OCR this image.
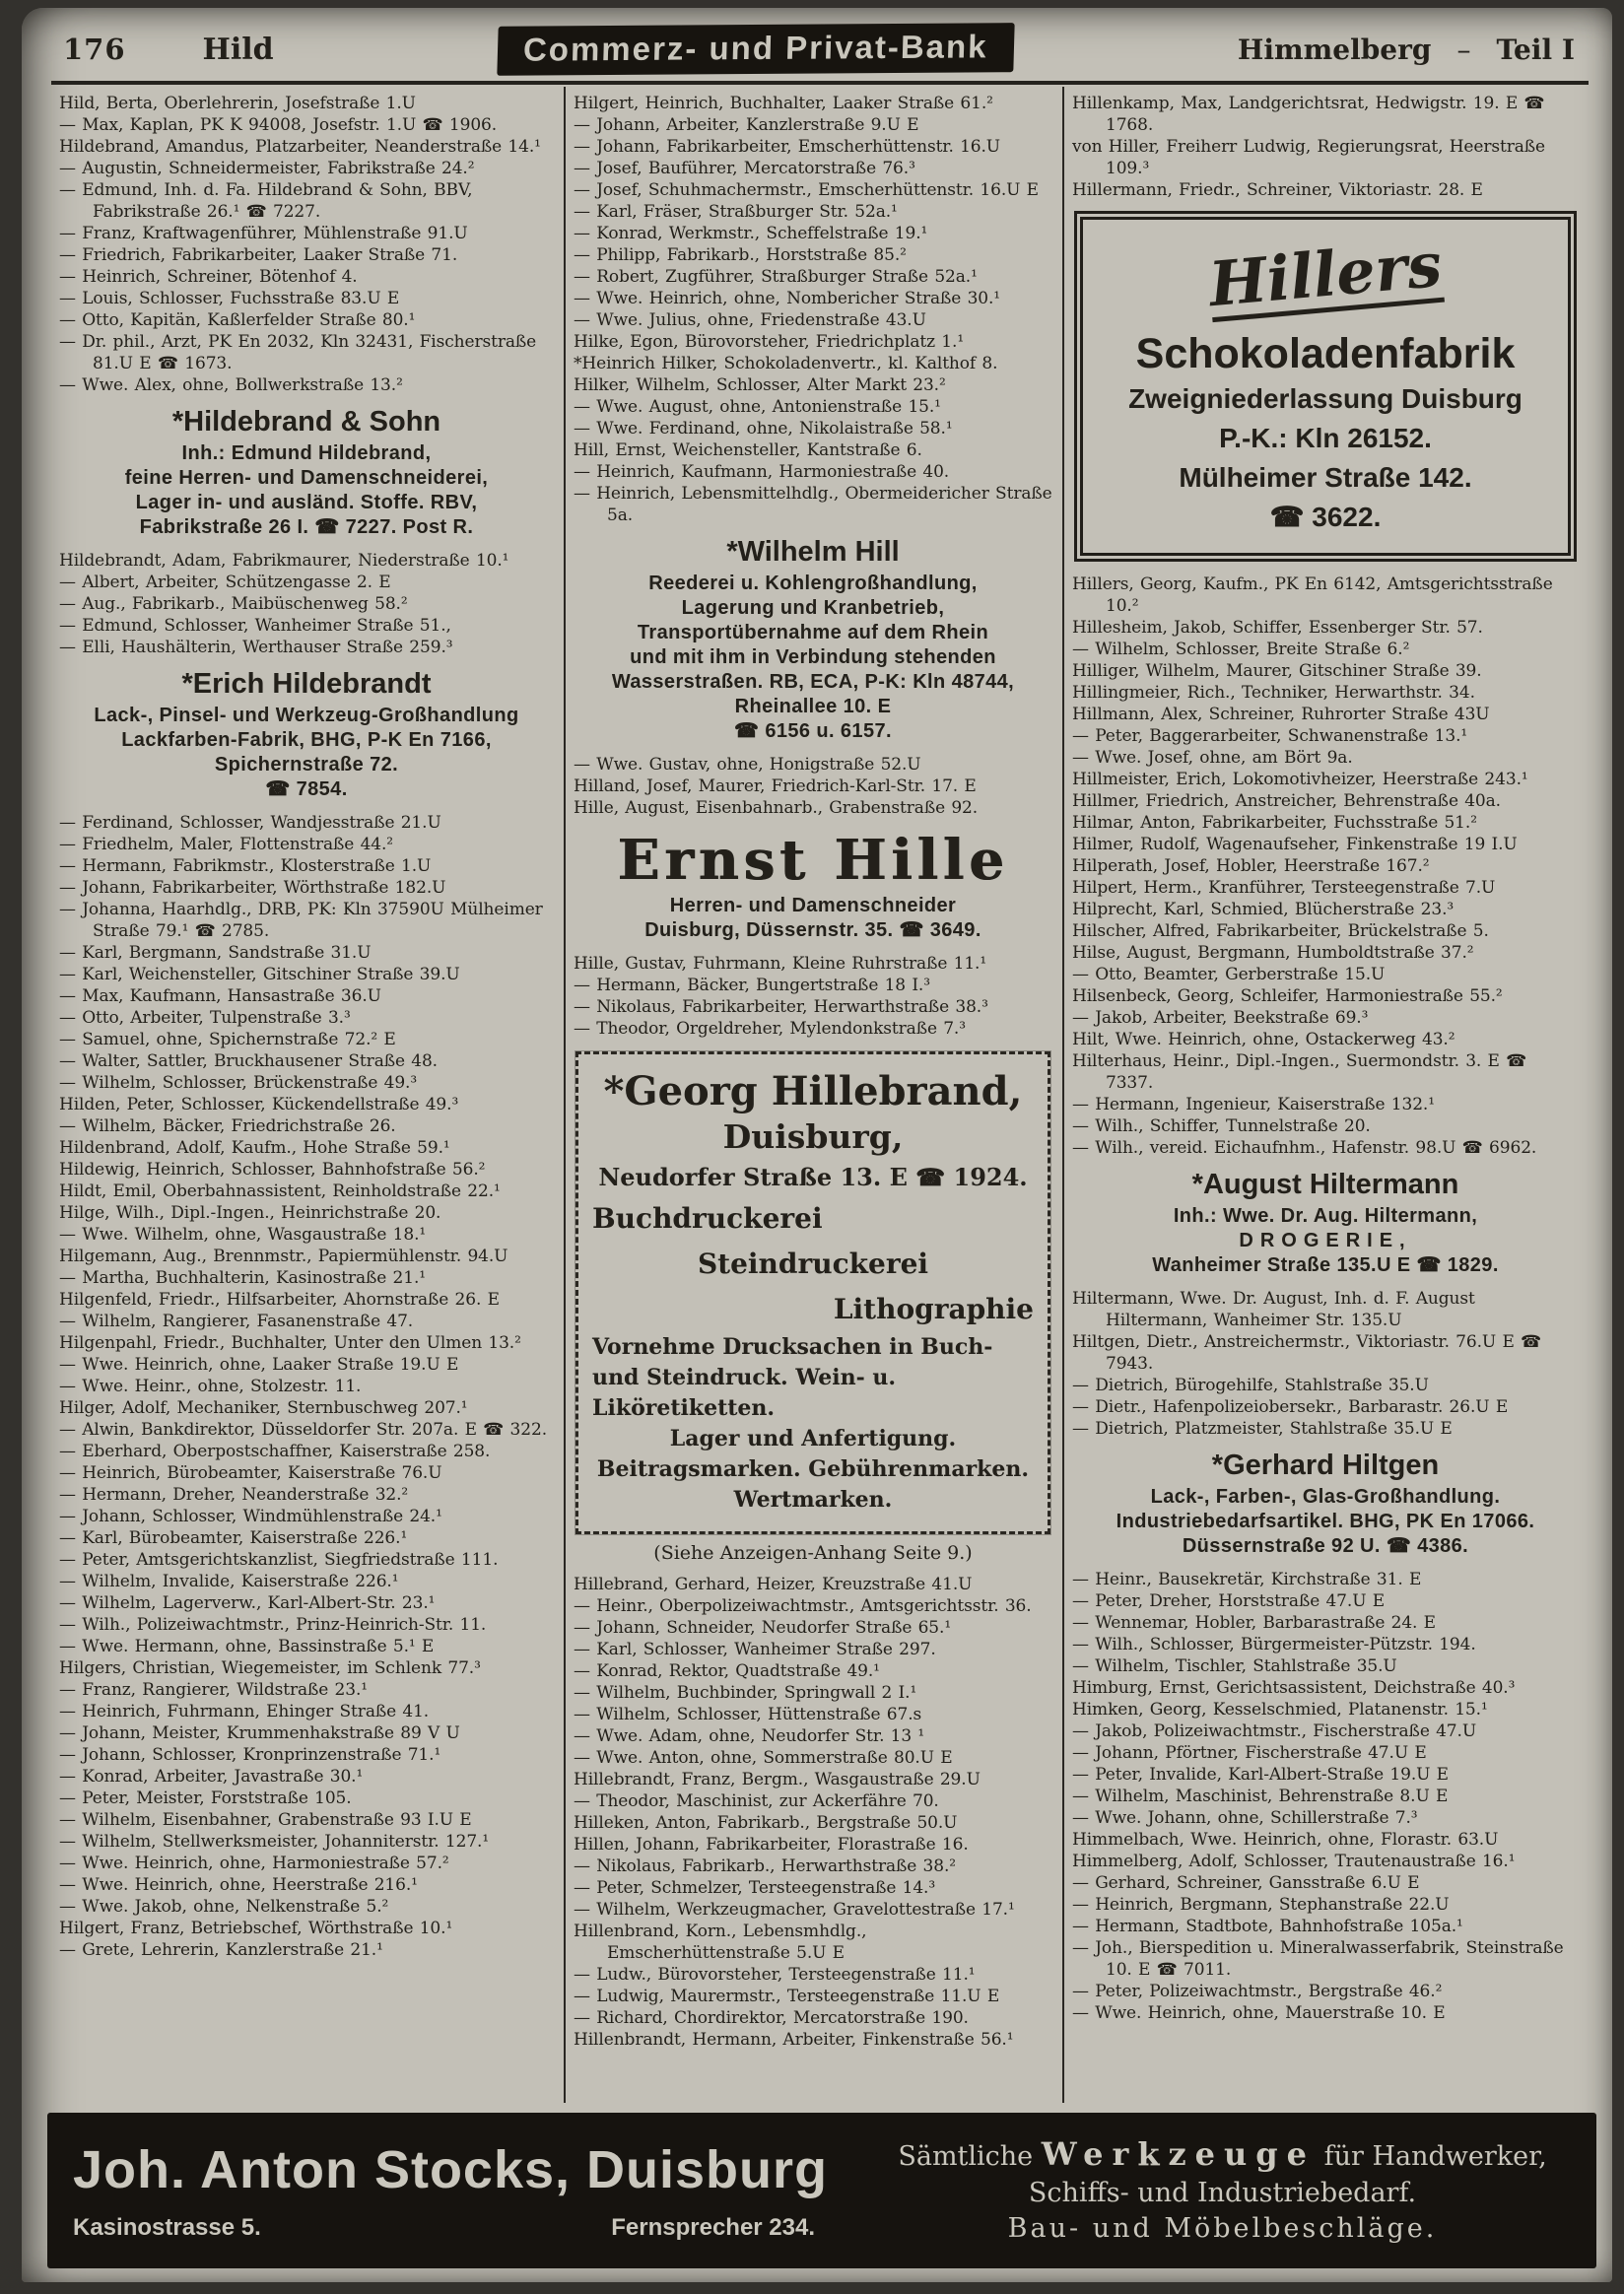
176	Hild	Commerz- und Privat-Bank	Himmelberg – Teil I
Hild, Berta, Oberlehrerin, Josefstraße 1.U
— Max, Kaplan, PK K 94008, Josefstr. 1.U ☎ 1906.
Hildebrand, Amandus, Platzarbeiter, Neanderstraße 14.¹
— Augustin, Schneidermeister, Fabrikstraße 24.²
— Edmund, Inh. d. Fa. Hildebrand & Sohn, BBV, Fabrikstraße 26.¹ ☎ 7227.
— Franz, Kraftwagenführer, Mühlenstraße 91.U
— Friedrich, Fabrikarbeiter, Laaker Straße 71.
— Heinrich, Schreiner, Bötenhof 4.
— Louis, Schlosser, Fuchsstraße 83.U E
— Otto, Kapitän, Kaßlerfelder Straße 80.¹
— Dr. phil., Arzt, PK En 2032, Kln 32431, Fischerstraße 81.U E ☎ 1673.
— Wwe. Alex, ohne, Bollwerkstraße 13.²
*Hildebrand & Sohn
Inh.: Edmund Hildebrand,
feine Herren- und Damenschneiderei,
Lager in- und ausländ. Stoffe. RBV,
Fabrikstraße 26 I. ☎ 7227. Post R.
Hildebrandt, Adam, Fabrikmaurer, Niederstraße 10.¹
— Albert, Arbeiter, Schützengasse 2. E
— Aug., Fabrikarb., Maibüschenweg 58.²
— Edmund, Schlosser, Wanheimer Straße 51.,
— Elli, Haushälterin, Werthauser Straße 259.³
*Erich Hildebrandt
Lack-, Pinsel- und Werkzeug-Großhandlung
Lackfarben-Fabrik, BHG, P-K En 7166,
Spichernstraße 72.
☎ 7854.
— Ferdinand, Schlosser, Wandjesstraße 21.U
— Friedhelm, Maler, Flottenstraße 44.²
— Hermann, Fabrikmstr., Klosterstraße 1.U
— Johann, Fabrikarbeiter, Wörthstraße 182.U
— Johanna, Haarhdlg., DRB, PK: Kln 37590U Mülheimer Straße 79.¹ ☎ 2785.
— Karl, Bergmann, Sandstraße 31.U
— Karl, Weichensteller, Gitschiner Straße 39.U
— Max, Kaufmann, Hansastraße 36.U
— Otto, Arbeiter, Tulpenstraße 3.³
— Samuel, ohne, Spichernstraße 72.² E
— Walter, Sattler, Bruckhausener Straße 48.
— Wilhelm, Schlosser, Brückenstraße 49.³
Hilden, Peter, Schlosser, Kückendellstraße 49.³
— Wilhelm, Bäcker, Friedrichstraße 26.
Hildenbrand, Adolf, Kaufm., Hohe Straße 59.¹
Hildewig, Heinrich, Schlosser, Bahnhofstraße 56.²
Hildt, Emil, Oberbahnassistent, Reinholdstraße 22.¹
Hilge, Wilh., Dipl.-Ingen., Heinrichstraße 20.
— Wwe. Wilhelm, ohne, Wasgaustraße 18.¹
Hilgemann, Aug., Brennmstr., Papiermühlenstr. 94.U
— Martha, Buchhalterin, Kasinostraße 21.¹
Hilgenfeld, Friedr., Hilfsarbeiter, Ahornstraße 26. E
— Wilhelm, Rangierer, Fasanenstraße 47.
Hilgenpahl, Friedr., Buchhalter, Unter den Ulmen 13.²
— Wwe. Heinrich, ohne, Laaker Straße 19.U E
— Wwe. Heinr., ohne, Stolzestr. 11.
Hilger, Adolf, Mechaniker, Sternbuschweg 207.¹
— Alwin, Bankdirektor, Düsseldorfer Str. 207a. E ☎ 322.
— Eberhard, Oberpostschaffner, Kaiserstraße 258.
— Heinrich, Bürobeamter, Kaiserstraße 76.U
— Hermann, Dreher, Neanderstraße 32.²
— Johann, Schlosser, Windmühlenstraße 24.¹
— Karl, Bürobeamter, Kaiserstraße 226.¹
— Peter, Amtsgerichtskanzlist, Siegfriedstraße 111.
— Wilhelm, Invalide, Kaiserstraße 226.¹
— Wilhelm, Lagerverw., Karl-Albert-Str. 23.¹
— Wilh., Polizeiwachtmstr., Prinz-Heinrich-Str. 11.
— Wwe. Hermann, ohne, Bassinstraße 5.¹ E
Hilgers, Christian, Wiegemeister, im Schlenk 77.³
— Franz, Rangierer, Wildstraße 23.¹
— Heinrich, Fuhrmann, Ehinger Straße 41.
— Johann, Meister, Krummenhakstraße 89 V U
— Johann, Schlosser, Kronprinzenstraße 71.¹
— Konrad, Arbeiter, Javastraße 30.¹
— Peter, Meister, Forststraße 105.
— Wilhelm, Eisenbahner, Grabenstraße 93 I.U E
— Wilhelm, Stellwerksmeister, Johanniterstr. 127.¹
— Wwe. Heinrich, ohne, Harmoniestraße 57.²
— Wwe. Heinrich, ohne, Heerstraße 216.¹
— Wwe. Jakob, ohne, Nelkenstraße 5.²
Hilgert, Franz, Betriebschef, Wörthstraße 10.¹
— Grete, Lehrerin, Kanzlerstraße 21.¹
Hilgert, Heinrich, Buchhalter, Laaker Straße 61.²
— Johann, Arbeiter, Kanzlerstraße 9.U E
— Johann, Fabrikarbeiter, Emscherhüttenstr. 16.U
— Josef, Bauführer, Mercatorstraße 76.³
— Josef, Schuhmachermstr., Emscherhüttenstr. 16.U E
— Karl, Fräser, Straßburger Str. 52a.¹
— Konrad, Werkmstr., Scheffelstraße 19.¹
— Philipp, Fabrikarb., Horststraße 85.²
— Robert, Zugführer, Straßburger Straße 52a.¹
— Wwe. Heinrich, ohne, Nombericher Straße 30.¹
— Wwe. Julius, ohne, Friedenstraße 43.U
Hilke, Egon, Bürovorsteher, Friedrichplatz 1.¹
*Heinrich Hilker, Schokoladenvertr., kl. Kalthof 8.
Hilker, Wilhelm, Schlosser, Alter Markt 23.²
— Wwe. August, ohne, Antonienstraße 15.¹
— Wwe. Ferdinand, ohne, Nikolaistraße 58.¹
Hill, Ernst, Weichensteller, Kantstraße 6.
— Heinrich, Kaufmann, Harmoniestraße 40.
— Heinrich, Lebensmittelhdlg., Obermeidericher Straße 5a.
*Wilhelm Hill
Reederei u. Kohlengroßhandlung,
Lagerung und Kranbetrieb,
Transportübernahme auf dem Rhein
und mit ihm in Verbindung stehenden
Wasserstraßen. RB, ECA, P-K: Kln 48744,
Rheinallee 10. E
☎ 6156 u. 6157.
— Wwe. Gustav, ohne, Honigstraße 52.U
Hilland, Josef, Maurer, Friedrich-Karl-Str. 17. E
Hille, August, Eisenbahnarb., Grabenstraße 92.
Ernst Hille
Herren- und Damenschneider
Duisburg, Düssernstr. 35. ☎ 3649.
Hille, Gustav, Fuhrmann, Kleine Ruhrstraße 11.¹
— Hermann, Bäcker, Bungertstraße 18 I.³
— Nikolaus, Fabrikarbeiter, Herwarthstraße 38.³
— Theodor, Orgeldreher, Mylendonkstraße 7.³
*Georg Hillebrand,
Duisburg,
Neudorfer Straße 13. E ☎ 1924.
Buchdruckerei
Steindruckerei
Lithographie
Vornehme Drucksachen in Buch- und Steindruck. Wein- u. Liköretiketten.
Lager und Anfertigung.
Beitragsmarken. Gebührenmarken.
Wertmarken.
(Siehe Anzeigen-Anhang Seite 9.)
Hillebrand, Gerhard, Heizer, Kreuzstraße 41.U
— Heinr., Oberpolizeiwachtmstr., Amtsgerichtsstr. 36.
— Johann, Schneider, Neudorfer Straße 65.¹
— Karl, Schlosser, Wanheimer Straße 297.
— Konrad, Rektor, Quadtstraße 49.¹
— Wilhelm, Buchbinder, Springwall 2 I.¹
— Wilhelm, Schlosser, Hüttenstraße 67.s
— Wwe. Adam, ohne, Neudorfer Str. 13 ¹
— Wwe. Anton, ohne, Sommerstraße 80.U E
Hillebrandt, Franz, Bergm., Wasgaustraße 29.U
— Theodor, Maschinist, zur Ackerfähre 70.
Hilleken, Anton, Fabrikarb., Bergstraße 50.U
Hillen, Johann, Fabrikarbeiter, Florastraße 16.
— Nikolaus, Fabrikarb., Herwarthstraße 38.²
— Peter, Schmelzer, Tersteegenstraße 14.³
— Wilhelm, Werkzeugmacher, Gravelottestraße 17.¹
Hillenbrand, Korn., Lebensmhdlg., Emscherhüttenstraße 5.U E
— Ludw., Bürovorsteher, Tersteegenstraße 11.¹
— Ludwig, Maurermstr., Tersteegenstraße 11.U E
— Richard, Chordirektor, Mercatorstraße 190.
Hillenbrandt, Hermann, Arbeiter, Finkenstraße 56.¹
Hillenkamp, Max, Landgerichtsrat, Hedwigstr. 19. E ☎ 1768.
von Hiller, Freiherr Ludwig, Regierungsrat, Heerstraße 109.³
Hillermann, Friedr., Schreiner, Viktoriastr. 28. E
Hillers
Schokoladenfabrik
Zweigniederlassung Duisburg
P.-K.: Kln 26152.
Mülheimer Straße 142.
☎ 3622.
Hillers, Georg, Kaufm., PK En 6142, Amtsgerichtsstraße 10.²
Hillesheim, Jakob, Schiffer, Essenberger Str. 57.
— Wilhelm, Schlosser, Breite Straße 6.²
Hilliger, Wilhelm, Maurer, Gitschiner Straße 39.
Hillingmeier, Rich., Techniker, Herwarthstr. 34.
Hillmann, Alex, Schreiner, Ruhrorter Straße 43U
— Peter, Baggerarbeiter, Schwanenstraße 13.¹
— Wwe. Josef, ohne, am Bört 9a.
Hillmeister, Erich, Lokomotivheizer, Heerstraße 243.¹
Hillmer, Friedrich, Anstreicher, Behrenstraße 40a.
Hilmar, Anton, Fabrikarbeiter, Fuchsstraße 51.²
Hilmer, Rudolf, Wagenaufseher, Finkenstraße 19 I.U
Hilperath, Josef, Hobler, Heerstraße 167.²
Hilpert, Herm., Kranführer, Tersteegenstraße 7.U
Hilprecht, Karl, Schmied, Blücherstraße 23.³
Hilscher, Alfred, Fabrikarbeiter, Brückelstraße 5.
Hilse, August, Bergmann, Humboldtstraße 37.²
— Otto, Beamter, Gerberstraße 15.U
Hilsenbeck, Georg, Schleifer, Harmoniestraße 55.²
— Jakob, Arbeiter, Beekstraße 69.³
Hilt, Wwe. Heinrich, ohne, Ostackerweg 43.²
Hilterhaus, Heinr., Dipl.-Ingen., Suermondstr. 3. E ☎ 7337.
— Hermann, Ingenieur, Kaiserstraße 132.¹
— Wilh., Schiffer, Tunnelstraße 20.
— Wilh., vereid. Eichaufnhm., Hafenstr. 98.U ☎ 6962.
*August Hiltermann
Inh.: Wwe. Dr. Aug. Hiltermann,
DROGERIE,
Wanheimer Straße 135.U E ☎ 1829.
Hiltermann, Wwe. Dr. August, Inh. d. F. August Hiltermann, Wanheimer Str. 135.U
Hiltgen, Dietr., Anstreichermstr., Viktoriastr. 76.U E ☎ 7943.
— Dietrich, Bürogehilfe, Stahlstraße 35.U
— Dietr., Hafenpolizeiobersekr., Barbarastr. 26.U E
— Dietrich, Platzmeister, Stahlstraße 35.U E
*Gerhard Hiltgen
Lack-, Farben-, Glas-Großhandlung.
Industriebedarfsartikel. BHG, PK En 17066.
Düssernstraße 92 U. ☎ 4386.
— Heinr., Bausekretär, Kirchstraße 31. E
— Peter, Dreher, Horststraße 47.U E
— Wennemar, Hobler, Barbarastraße 24. E
— Wilh., Schlosser, Bürgermeister-Pützstr. 194.
— Wilhelm, Tischler, Stahlstraße 35.U
Himburg, Ernst, Gerichtsassistent, Deichstraße 40.³
Himken, Georg, Kesselschmied, Platanenstr. 15.¹
— Jakob, Polizeiwachtmstr., Fischerstraße 47.U
— Johann, Pförtner, Fischerstraße 47.U E
— Peter, Invalide, Karl-Albert-Straße 19.U E
— Wilhelm, Maschinist, Behrenstraße 8.U E
— Wwe. Johann, ohne, Schillerstraße 7.³
Himmelbach, Wwe. Heinrich, ohne, Florastr. 63.U
Himmelberg, Adolf, Schlosser, Trautenaustraße 16.¹
— Gerhard, Schreiner, Gansstraße 6.U E
— Heinrich, Bergmann, Stephanstraße 22.U
— Hermann, Stadtbote, Bahnhofstraße 105a.¹
— Joh., Bierspedition u. Mineralwasserfabrik, Steinstraße 10. E ☎ 7011.
— Peter, Polizeiwachtmstr., Bergstraße 46.²
— Wwe. Heinrich, ohne, Mauerstraße 10. E
Joh. Anton Stocks, Duisburg
Kasinostrasse 5.	Fernsprecher 234.
Sämtliche Werkzeuge für Handwerker,
Schiffs- und Industriebedarf.
Bau- und Möbelbeschläge.
